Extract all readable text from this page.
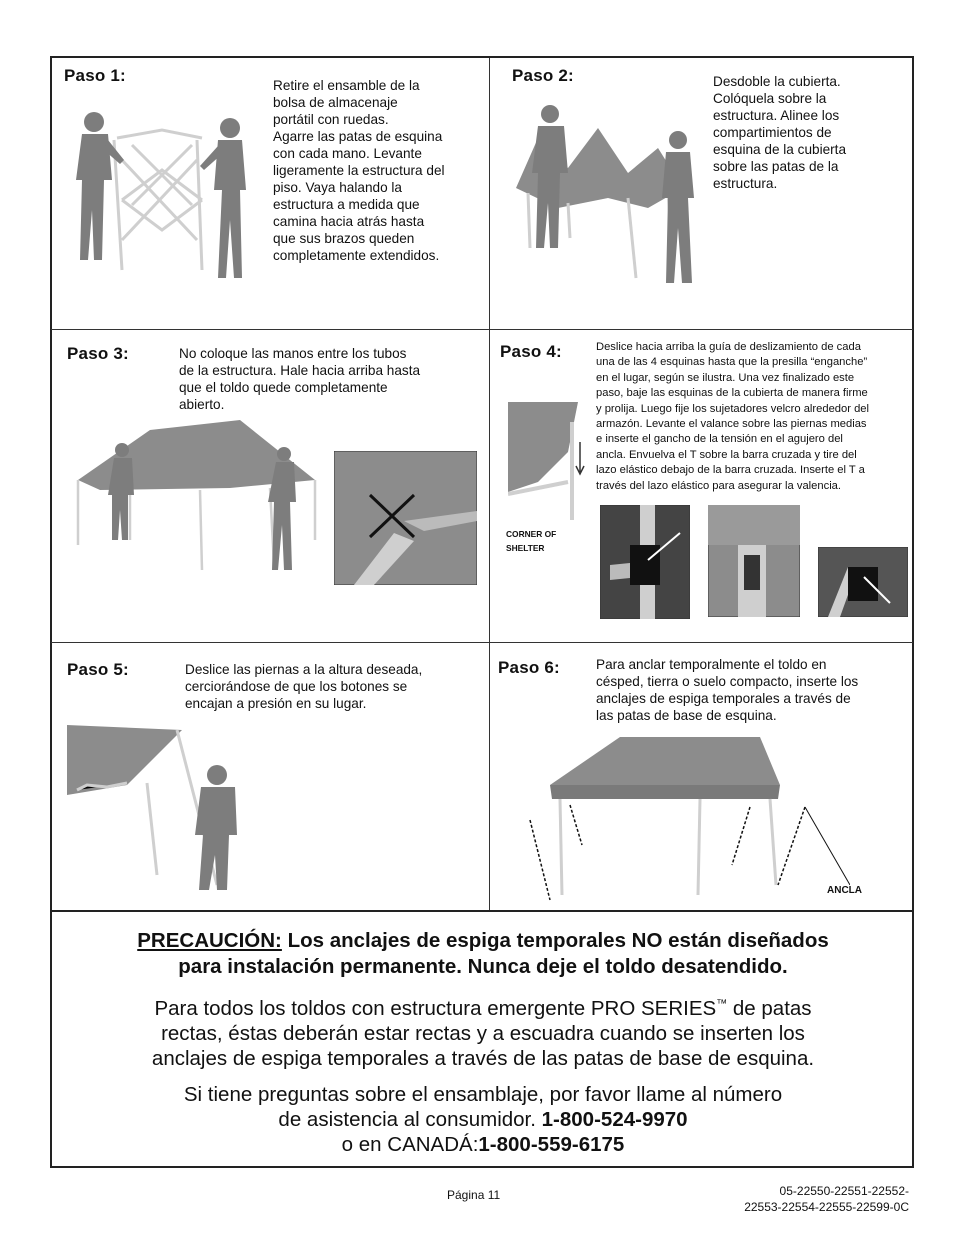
Paso 1:
Retire el ensamble de la
bolsa de almacenaje
portátil con ruedas.
Agarre las patas de esquina
con cada mano. Levante
ligeramente la estructura del
piso. Vaya halando la
estructura a medida que
camina hacia atrás hasta
que sus brazos queden
completamente extendidos.
Paso 2:	Desdoble la cubierta.
Colóquela sobre la
estructura. Alinee los
compartimientos de
esquina de la cubierta
sobre las patas de la
estructura.
Paso 3:	No coloque las manos entre los tubos
de la estructura. Hale hacia arriba hasta
que el toldo quede completamente
abierto.
Paso 4:	Deslice hacia arriba la guía de deslizamiento de cada
una de las 4 esquinas hasta que la presilla “enganche”
en el lugar, según se ilustra. Una vez finalizado este
paso, baje las esquinas de la cubierta de manera firme
y prolija. Luego fije los sujetadores velcro alrededor del
armazón. Levante el valance sobre las piernas medias
e inserte el gancho de la tensión en el agujero del
ancla. Envuelva el T sobre la barra cruzada y tire del
lazo elástico debajo de la barra cruzada. Inserte el T a
través del lazo elástico para asegurar la valencia.
CORNER OF
SHELTER
Paso 5:	Deslice las piernas a la altura deseada,
cerciorándose de que los botones se
encajan a presión en su lugar.
Paso 6:	Para anclar temporalmente el toldo en
césped, tierra o suelo compacto, inserte los
anclajes de espiga temporales a través de
las patas de base de esquina.
ANCLA
PRECAUCIÓN: Los anclajes de espiga temporales NO están diseñados
para instalación permanente. Nunca deje el toldo desatendido.
Para todos los toldos con estructura emergente PRO SERIES™ de patas
rectas, éstas deberán estar rectas y a escuadra cuando se inserten los
anclajes de espiga temporales a través de las patas de base de esquina.
Si tiene preguntas sobre el ensamblaje, por favor llame al número
de asistencia al consumidor. 1-800-524-9970
o en CANADÁ:1-800-559-6175
Página 11	05-22550-22551-22552-
22553-22554-22555-22599-0C
